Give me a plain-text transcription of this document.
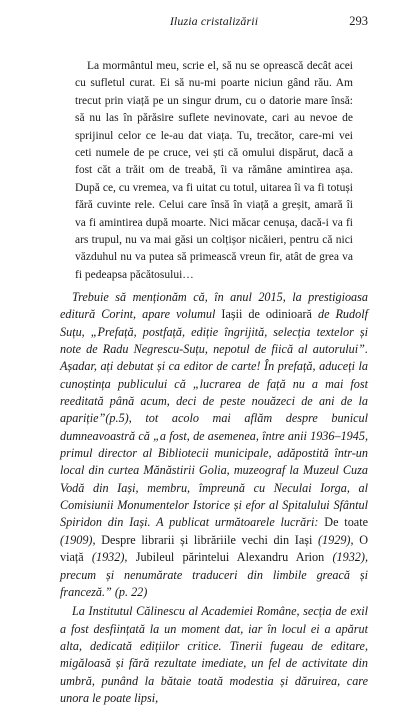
Iluzia cristalizării	293

La mormântul meu, scrie el, să nu se oprească decât acei cu sufletul curat. Ei să nu-mi poarte niciun gând rău. Am trecut prin viață pe un singur drum, cu o datorie mare însă: să nu las în părăsire suflete nevinovate, cari au nevoe de sprijinul celor ce le-au dat viața. Tu, trecător, care-mi vei ceti numele de pe cruce, vei ști că omului dispărut, dacă a fost căt a trăit om de treabă, îi va rămâne amintirea așa. După ce, cu vremea, va fi uitat cu totul, uitarea îi va fi totuși fără cuvinte rele. Celui care însă în viață a greșit, amară îi va fi amintirea după moarte. Nici măcar cenușa, dacă-i va fi ars trupul, nu va mai găsi un colțișor nicăieri, pentru că nici văzduhul nu va putea să primească vreun fir, atât de grea va fi pedeapsa păcătosului…

Trebuie să menționăm că, în anul 2015, la prestigioasa editură Corint, apare volumul Iașii de odinioară de Rudolf Suțu, „Prefață, postfață, ediție îngrijită, selecția textelor și note de Radu Negrescu-Suțu, nepotul de fiică al autorului”. Așadar, ați debutat și ca editor de carte! În prefață, aduceți la cunoștința publicului că „lucrarea de față nu a mai fost reeditată până acum, deci de peste nouăzeci de ani de la apariție”(p.5), tot acolo mai aflăm despre bunicul dumneavoastră că „a fost, de asemenea, între anii 1936–1945, primul director al Bibliotecii municipale, adăpostită într-un local din curtea Mănăstirii Golia, muzeograf la Muzeul Cuza Vodă din Iași, membru, împreună cu Neculai Iorga, al Comisiunii Monumentelor Istorice și efor al Spitalului Sfântul Spiridon din Iași. A publicat următoarele lucrări: De toate (1909), Despre librarii și librăriile vechi din Iași (1929), O viață (1932), Jubileul părintelui Alexandru Arion (1932), precum și nenumărate traduceri din limbile greacă și franceză.” (p. 22)

La Institutul Călinescu al Academiei Române, secția de exil a fost desființată la un moment dat, iar în locul ei a apărut alta, dedicată edițiilor critice. Tinerii fugeau de editare, migăloasă și fără rezultate imediate, un fel de activitate din umbră, punând la bătaie toată modestia și dăruirea, care unora le poate lipsi,
